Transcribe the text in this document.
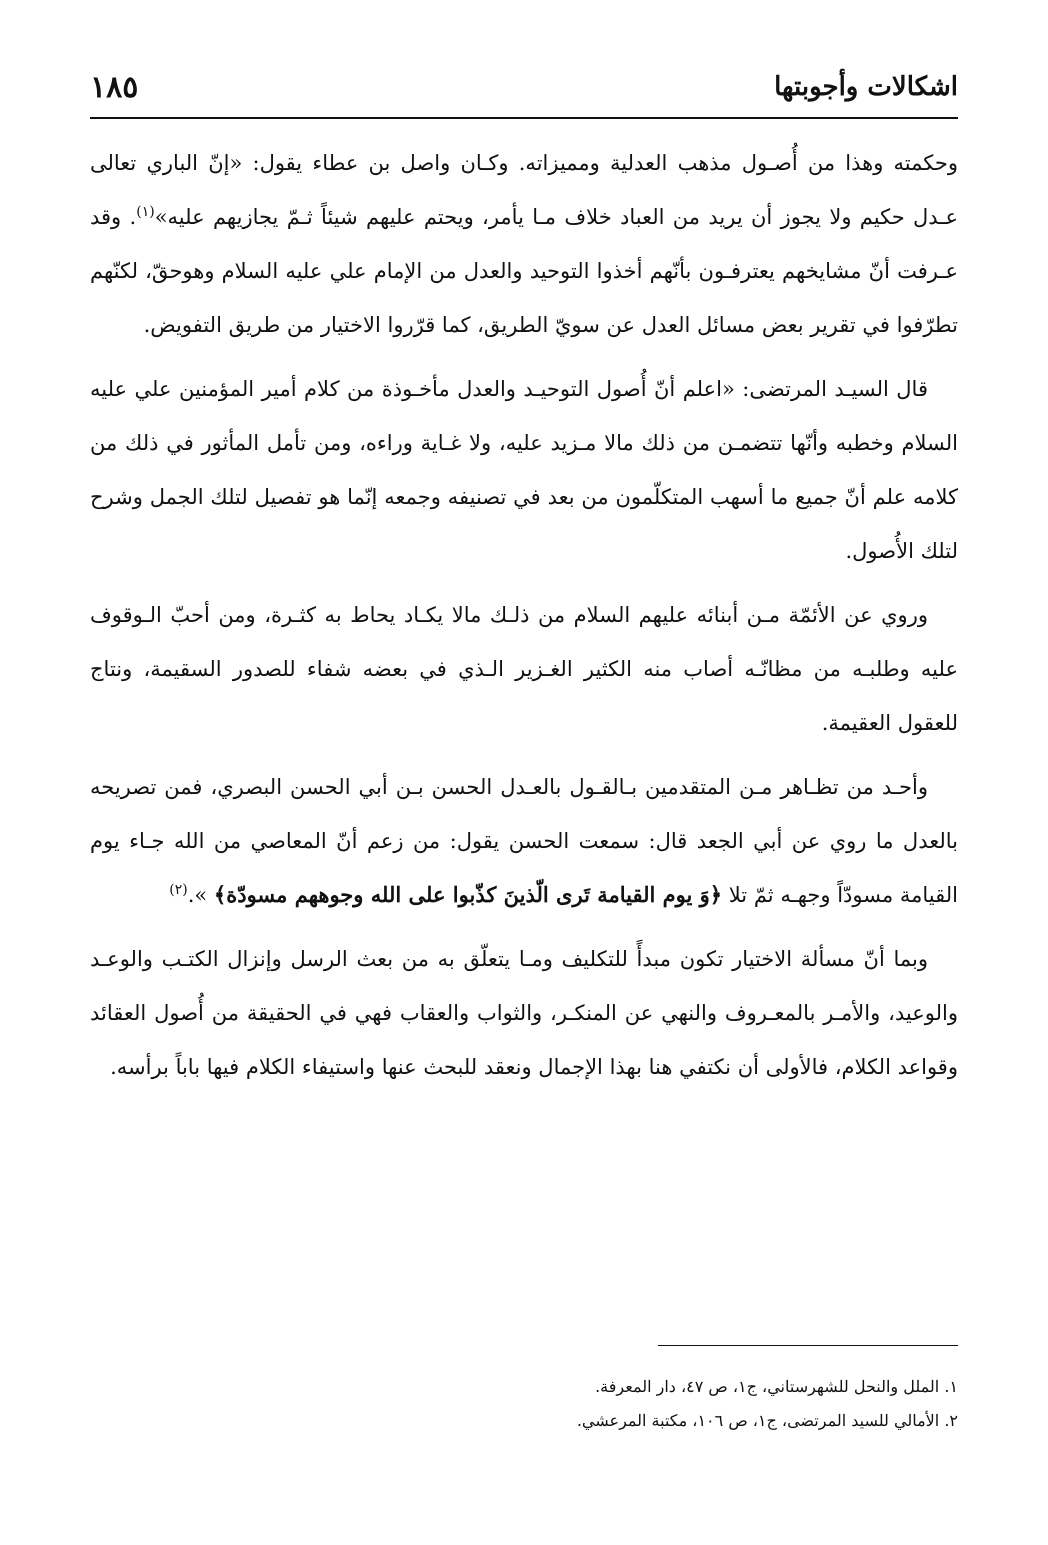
اشكالات وأجوبتها
١٨٥

وحكمته وهذا من أُصـول مذهب العدلية ومميزاته. وكـان واصل بن عطاء يقول: «إنّ الباري تعالى عـدل حكيم ولا يجوز أن يريد من العباد خلاف مـا يأمر، ويحتم عليهم شيئاً ثـمّ يجازيهم عليه»$^{(١)}$. وقد عـرفت أنّ مشايخهم يعترفـون بأنّهم أخذوا التوحيد والعدل من الإمام علي عليه السلام وهوحقّ، لكنّهم تطرّفوا في تقرير بعض مسائل العدل عن سويّ الطريق، كما قرّروا الاختيار من طريق التفويض.

قال السيـد المرتضى: «اعلم أنّ أُصول التوحيـد والعدل مأخـوذة من كلام أمير المؤمنين علي عليه السلام وخطبه وأنّها تتضمـن من ذلك مالا مـزيد عليه، ولا غـاية وراءه، ومن تأمل المأثور في ذلك من كلامه علم أنّ جميع ما أسهب المتكلّمون من بعد في تصنيفه وجمعه إنّما هو تفصيل لتلك الجمل وشرح لتلك الأُصول.

وروي عن الأئمّة مـن أبنائه عليهم السلام من ذلـك مالا يكـاد يحاط به كثـرة، ومن أحبّ الـوقوف عليه وطلبـه من مظانّـه أصاب منه الكثير الغـزير الـذي في بعضه شفاء للصدور السقيمة، ونتاج للعقول العقيمة.

وأحـد من تظـاهر مـن المتقدمين بـالقـول بالعـدل الحسن بـن أبي الحسن البصري، فمن تصريحه بالعدل ما روي عن أبي الجعد قال: سمعت الحسن يقول: من زعم أنّ المعاصي من الله جـاء يوم القيامة مسودّاً وجهـه ثمّ تلا ﴿وَ يوم القيامة تَرى الّذينَ كذّبوا على الله وجوههم مسودّة﴾ ».$^{(٢)}$

وبما أنّ مسألة الاختيار تكون مبدأً للتكليف ومـا يتعلّق به من بعث الرسل وإنزال الكتـب والوعـد والوعيد، والأمـر بالمعـروف والنهي عن المنكـر، والثواب والعقاب فهي في الحقيقة من أُصول العقائد وقواعد الكلام، فالأولى أن نكتفي هنا بهذا الإجمال ونعقد للبحث عنها واستيفاء الكلام فيها باباً برأسه.

١. الملل والنحل للشهرستاني، ج١، ص ٤٧، دار المعرفة.
٢. الأمالي للسيد المرتضى، ج١، ص ١٠٦، مكتبة المرعشي.
